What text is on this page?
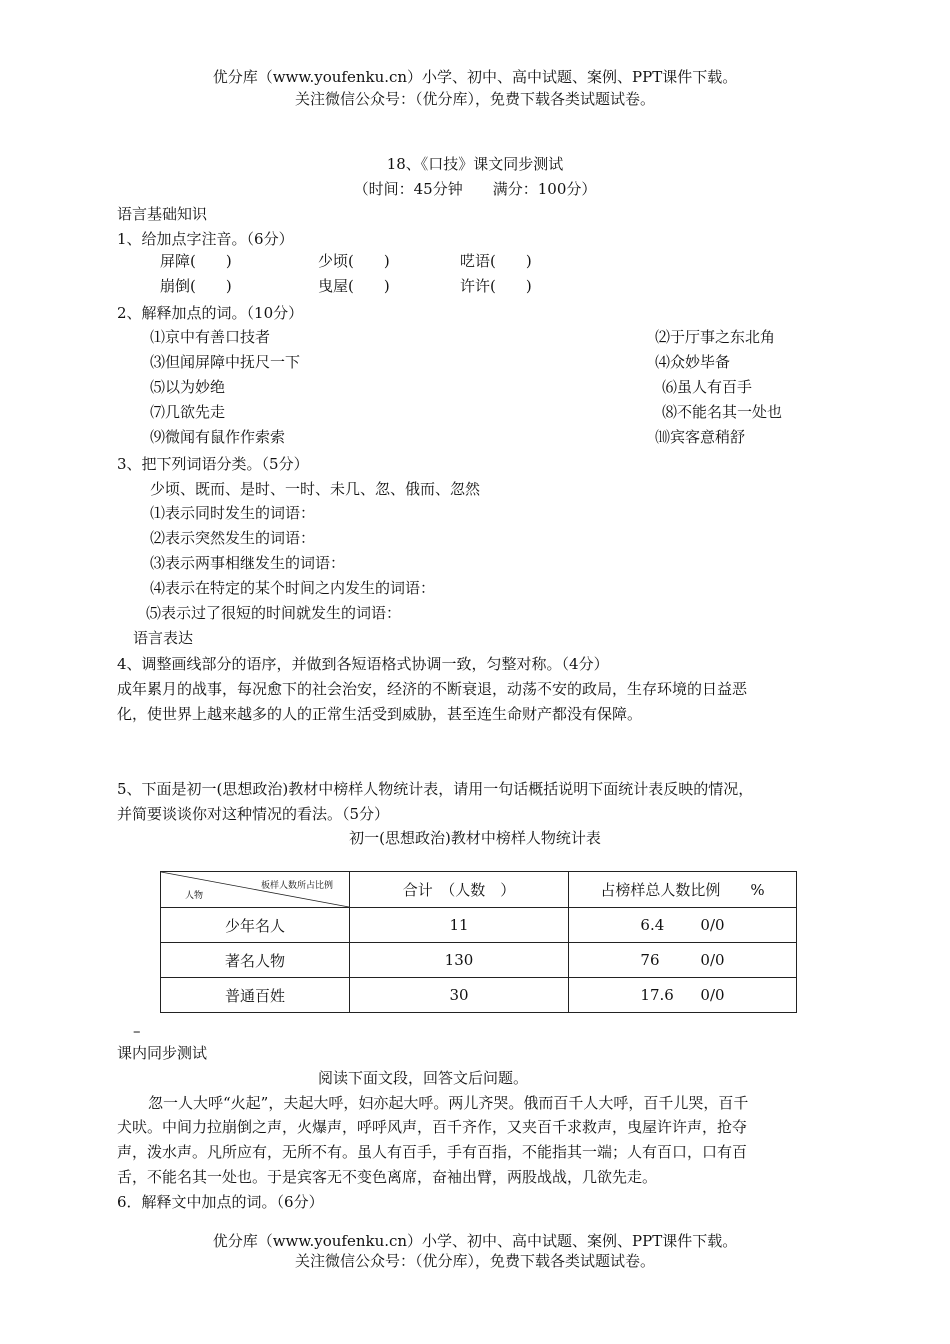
优分库（www.youfenku.cn）小学、初中、高中试题、案例、PPT课件下载。
关注微信公众号：（优分库），免费下载各类试题试卷。
18、《口技》课文同步测试
（时间：45分钟　　满分：100分）
语言基础知识
1、给加点字注音。（6分）
屏障(　　)	少顷(　　)	呓语(　　)
崩倒(　　)	曳屋(　　)	许许(　　)
2、解释加点的词。（10分）
⑴京中有善口技者	⑵于厅事之东北角
⑶但闻屏障中抚尺一下	⑷众妙毕备
⑸以为妙绝	⑹虽人有百手
⑺几欲先走	⑻不能名其一处也
⑼微闻有鼠作作索索	⑽宾客意稍舒
3、把下列词语分类。（5分）
少顷、既而、是时、一时、未几、忽、俄而、忽然
⑴表示同时发生的词语：
⑵表示突然发生的词语：
⑶表示两事相继发生的词语：
⑷表示在特定的某个时间之内发生的词语：
⑸表示过了很短的时间就发生的词语：
语言表达
4、调整画线部分的语序，并做到各短语格式协调一致，匀整对称。（4分）
成年累月的战事，每况愈下的社会治安，经济的不断衰退，动荡不安的政局，生存环境的日益恶
化，使世界上越来越多的人的正常生活受到威胁，甚至连生命财产都没有保障。
5、下面是初一(思想政治)教材中榜样人物统计表，请用一句话概括说明下面统计表反映的情况，
并简要谈谈你对这种情况的看法。（5分）
初一(思想政治)教材中榜样人物统计表
人物
板样人数所占比例	合计　（人数　）	占榜样总人数比例　　%
少年名人	11	6.4 0/0
著名人物	130	76 0/0
普通百姓	30	17.6 0/0
–
课内同步测试
阅读下面文段，回答文后问题。
忽一人大呼“火起”，夫起大呼，妇亦起大呼。两儿齐哭。俄而百千人大呼，百千儿哭，百千
犬吠。中间力拉崩倒之声，火爆声，呼呼风声，百千齐作，又夹百千求救声，曳屋许许声，抢夺
声，泼水声。凡所应有，无所不有。虽人有百手，手有百指，不能指其一端；人有百口，口有百
舌，不能名其一处也。于是宾客无不变色离席，奋袖出臂，两股战战，几欲先走。
6．解释文中加点的词。（6分）
优分库（www.youfenku.cn）小学、初中、高中试题、案例、PPT课件下载。
关注微信公众号：（优分库），免费下载各类试题试卷。
